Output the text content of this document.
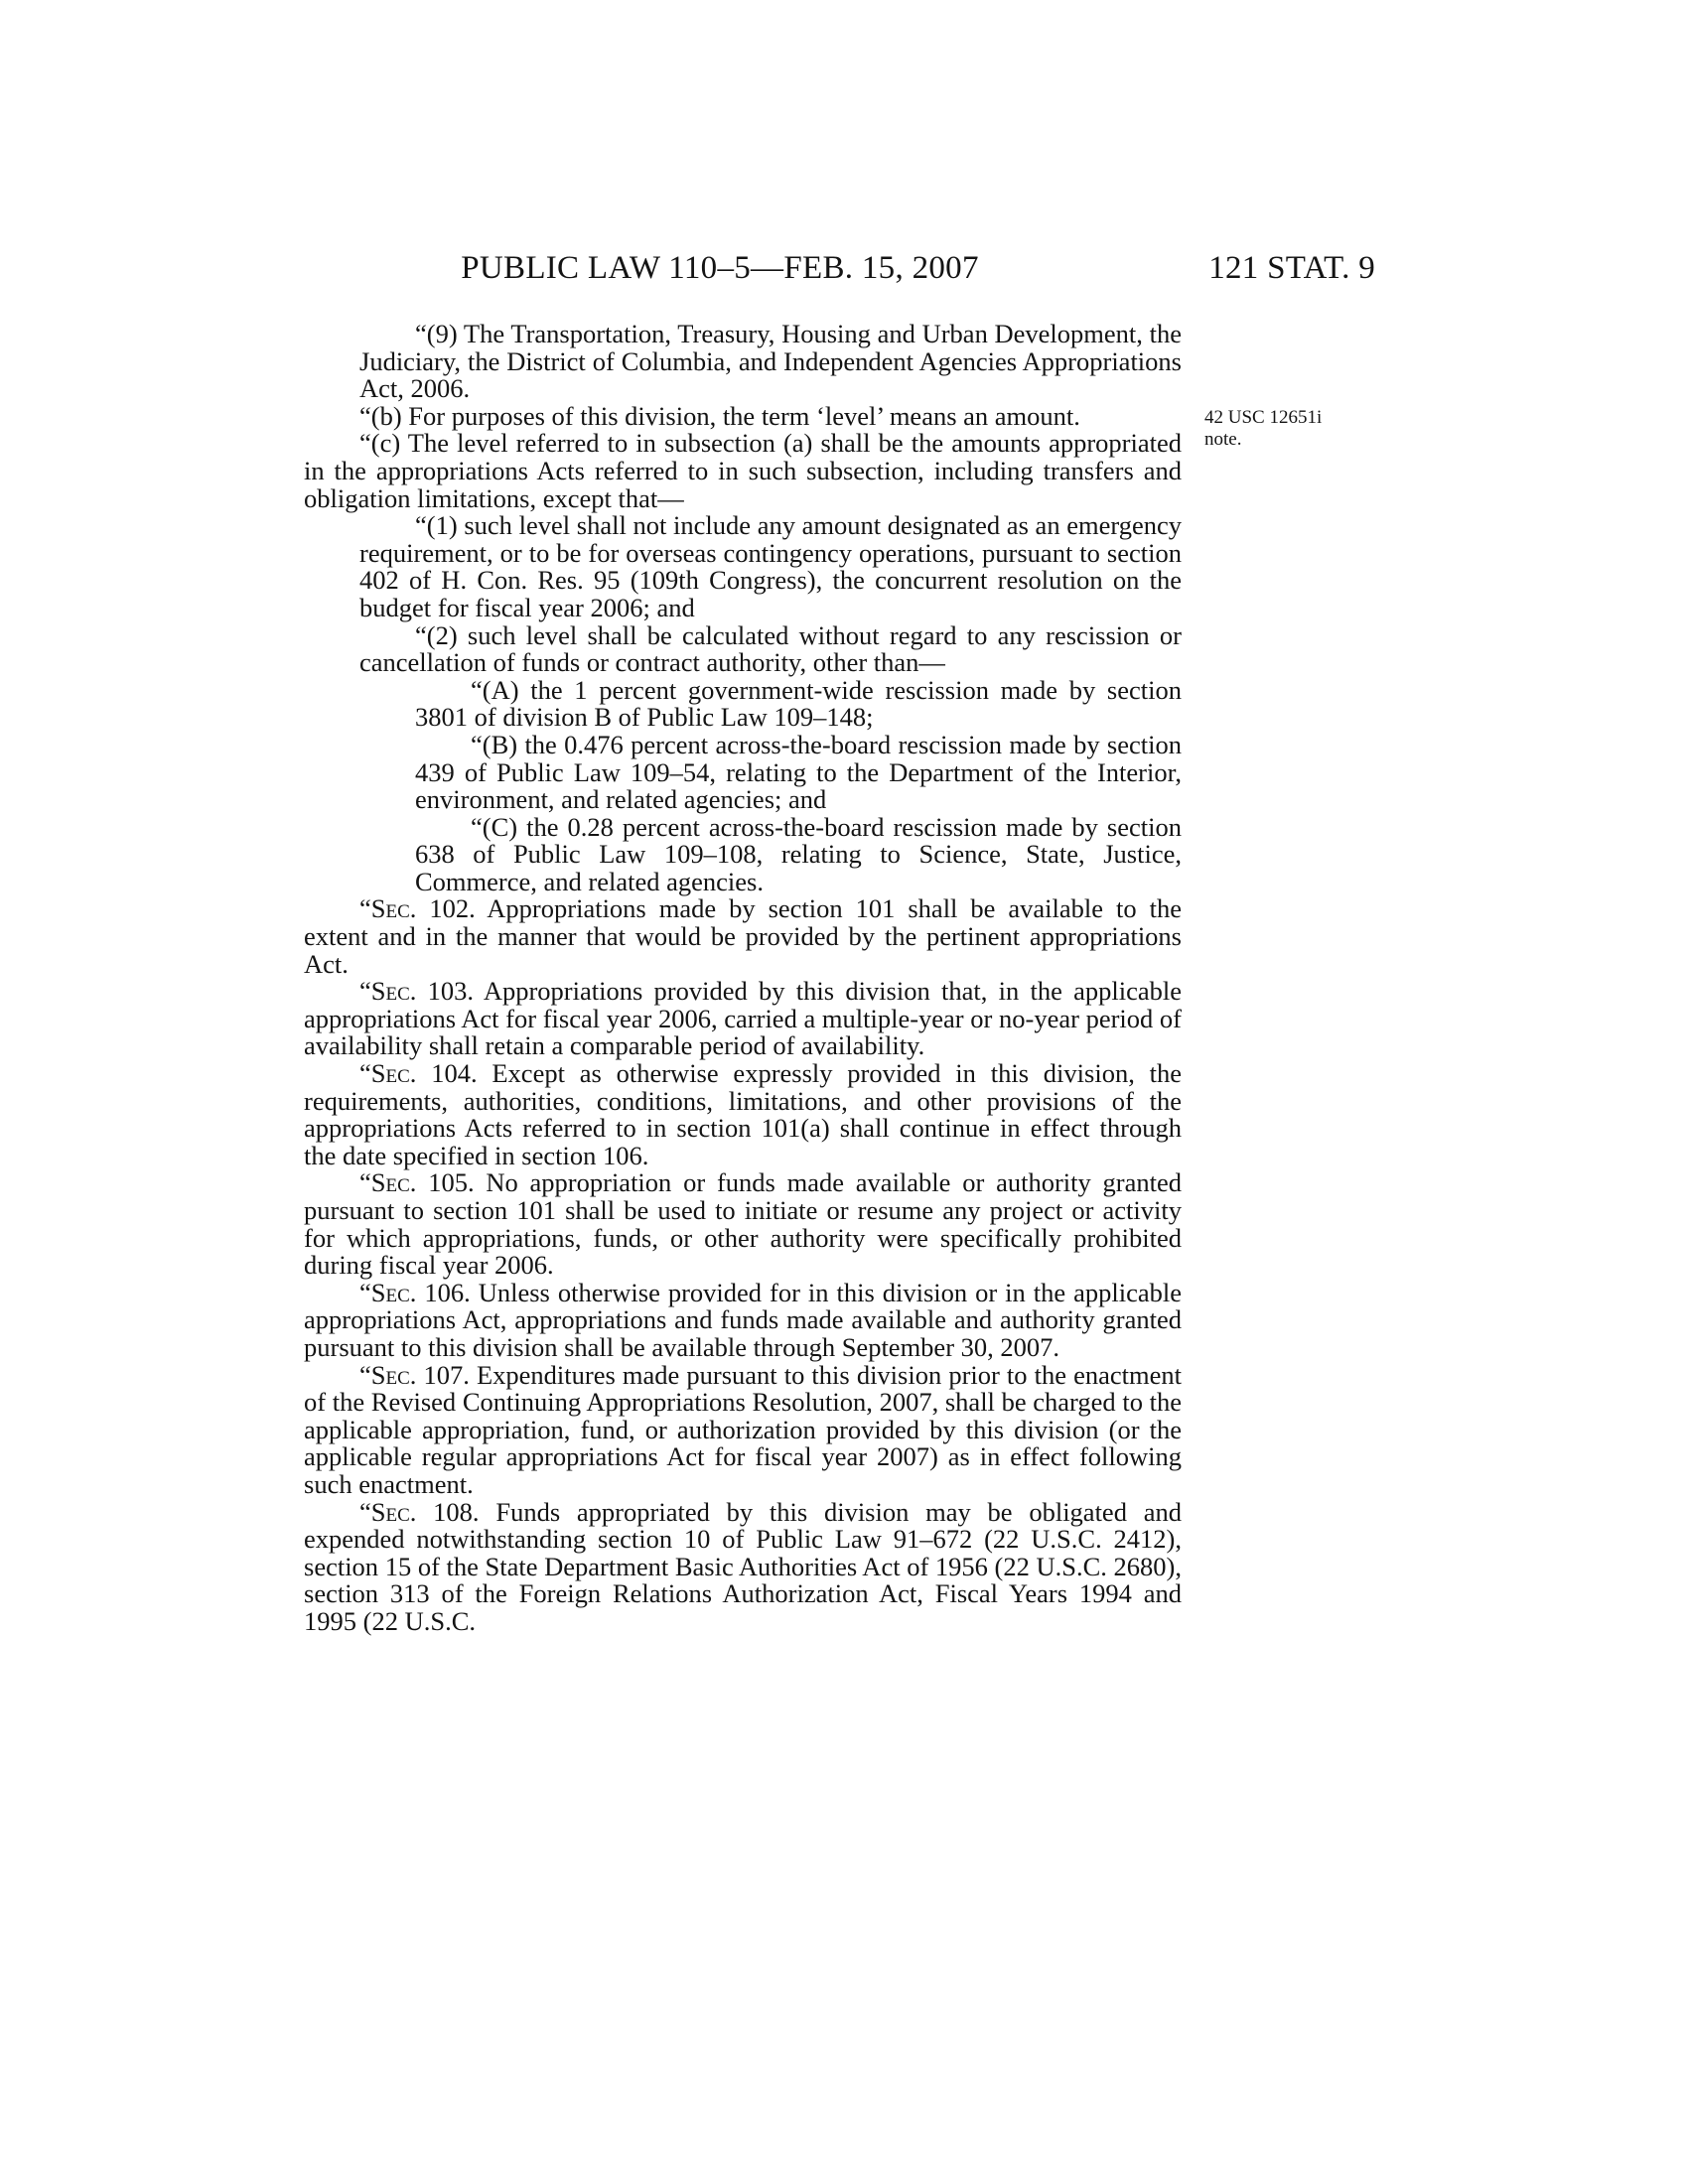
PUBLIC LAW 110–5—FEB. 15, 2007	121 STAT. 9
42 USC 12651i
note.

“(9) The Transportation, Treasury, Housing and Urban Development, the Judiciary, the District of Columbia, and Independent Agencies Appropriations Act, 2006.

“(b) For purposes of this division, the term ‘level’ means an amount.

“(c) The level referred to in subsection (a) shall be the amounts appropriated in the appropriations Acts referred to in such subsection, including transfers and obligation limitations, except that—

“(1) such level shall not include any amount designated as an emergency requirement, or to be for overseas contingency operations, pursuant to section 402 of H. Con. Res. 95 (109th Congress), the concurrent resolution on the budget for fiscal year 2006; and

“(2) such level shall be calculated without regard to any rescission or cancellation of funds or contract authority, other than—

“(A) the 1 percent government-wide rescission made by section 3801 of division B of Public Law 109–148;

“(B) the 0.476 percent across-the-board rescission made by section 439 of Public Law 109–54, relating to the Department of the Interior, environment, and related agencies; and

“(C) the 0.28 percent across-the-board rescission made by section 638 of Public Law 109–108, relating to Science, State, Justice, Commerce, and related agencies.

“Sec. 102. Appropriations made by section 101 shall be available to the extent and in the manner that would be provided by the pertinent appropriations Act.

“Sec. 103. Appropriations provided by this division that, in the applicable appropriations Act for fiscal year 2006, carried a multiple-year or no-year period of availability shall retain a comparable period of availability.

“Sec. 104. Except as otherwise expressly provided in this division, the requirements, authorities, conditions, limitations, and other provisions of the appropriations Acts referred to in section 101(a) shall continue in effect through the date specified in section 106.

“Sec. 105. No appropriation or funds made available or authority granted pursuant to section 101 shall be used to initiate or resume any project or activity for which appropriations, funds, or other authority were specifically prohibited during fiscal year 2006.

“Sec. 106. Unless otherwise provided for in this division or in the applicable appropriations Act, appropriations and funds made available and authority granted pursuant to this division shall be available through September 30, 2007.

“Sec. 107. Expenditures made pursuant to this division prior to the enactment of the Revised Continuing Appropriations Resolution, 2007, shall be charged to the applicable appropriation, fund, or authorization provided by this division (or the applicable regular appropriations Act for fiscal year 2007) as in effect following such enactment.

“Sec. 108. Funds appropriated by this division may be obligated and expended notwithstanding section 10 of Public Law 91–672 (22 U.S.C. 2412), section 15 of the State Department Basic Authorities Act of 1956 (22 U.S.C. 2680), section 313 of the Foreign Relations Authorization Act, Fiscal Years 1994 and 1995 (22 U.S.C.
